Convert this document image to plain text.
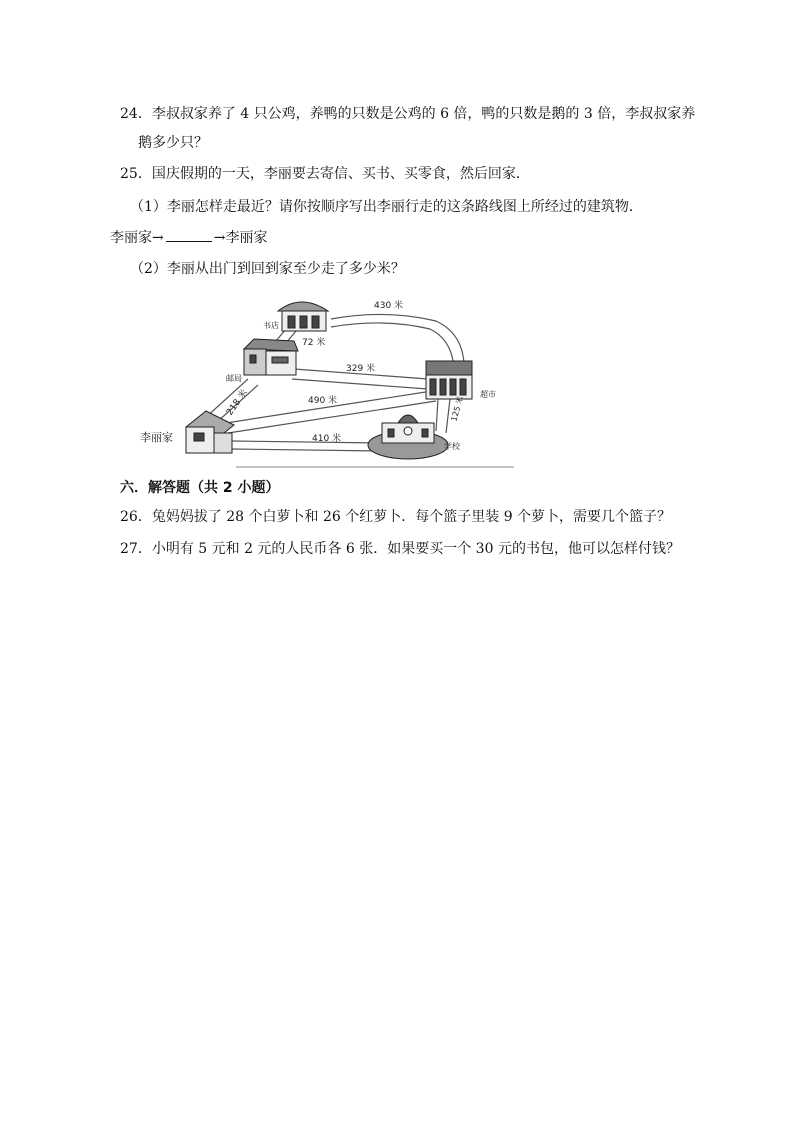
24．李叔叔家养了 4 只公鸡，养鸭的只数是公鸡的 6 倍，鸭的只数是鹅的 3 倍，李叔叔家养
鹅多少只？
25．国庆假期的一天，李丽要去寄信、买书、买零食，然后回家．
（1）李丽怎样走最近？请你按顺序写出李丽行走的这条路线图上所经过的建筑物．
李丽家→	→李丽家
（2）李丽从出门到回到家至少走了多少米？
书店
邮局
超市
学校
李丽家
430 米
72 米
329 米
218 米	490 米
410 米
125 米
六．解答题（共 2 小题）
26．兔妈妈拔了 28 个白萝卜和 26 个红萝卜．每个篮子里装 9 个萝卜，需要几个篮子？
27．小明有 5 元和 2 元的人民币各 6 张．如果要买一个 30 元的书包，他可以怎样付钱？
